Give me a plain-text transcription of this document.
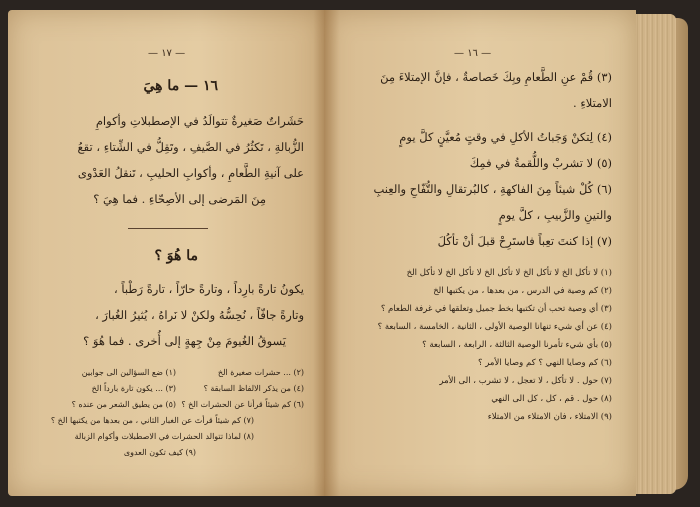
— ١٧ —
١٦ — ما هِيَ
حَشَراتٌ صَغيرةٌ تتوالَدُ في الإصطبلاتِ وأكوامِ
الزُّبالةِ ، تَكثُرُ في الصَّيفِ ، وتَقِلُّ في الشِّتاءِ ، تقعُ
على آنيةِ الطَّعامِ ، وأكوابِ الحليبِ ، تَنقلُ العَدْوى
مِنَ المَرضى إلى الأصِحّاءِ . فما هِيَ ؟
ما هُوَ ؟
يكونُ تارةً بارِداً ، وتارةً حارّاً ، تارةً رَطْباً ،
وتارةً جافّاً ، نُحِسُّهُ ولكنْ لا نَراهُ ، يُثيرُ الغُبارَ ،
يَسوقُ الغُيومَ مِنْ جِهةٍ إلى أُخرى . فما هُوَ ؟
(١) ضع السؤالين الى جوابين
(٣) ... يكون تارة بارداً الخ
(٥) من يطيق الشعر من عنده ؟
(٧) كم شيئاً قرأتَ عن الغبار الثاني ، من بعدها من يكتبها الخ ؟
(٨) لماذا تتوالد الحشرات في الاصطبلات وأكوام الزبالة
(٩) كيف تكون العدوى
(٢) ... حشرات صغيرة الخ
(٤) من يذكر الالفاظ السابقة ؟
(٦) كم شيئاً قرأنا عن الحشرات الخ ؟
— ١٦ —
(٣) قُمْ عنِ الطَّعامِ وبِكَ خَصاصةٌ ، فإنَّ الإمتلاءَ مِنَ
الامتلاءِ .
(٤) لِتكنْ وَجَباتُ الأكلِ في وقتٍ مُعيَّنٍ كلَّ يومٍ
(٥) لا تشربْ واللُّقمةُ في فمِكَ
(٦) كُلْ شيئاً مِنَ الفاكهةِ ، كالبُرتقالِ والتُّفّاحِ والعِنبِ
والتينِ والزَّبيبِ ، كلَّ يومٍ
(٧) إذا كنتَ تعِباً فاستَرِحْ قبلَ أنْ تأكُلَ
(١) لا تأكل الخ لا تأكل الخ لا تأكل الخ لا تأكل الخ لا تأكل الخ
(٢) كم وصية في الدرس ، من بعدها ، من يكتبها الخ
(٣) أي وصية تحب أن تكتبها بخط جميل وتعلقها في غرفة الطعام ؟
(٤) عن أي شيء تنهانا الوصية الأولى ، الثانية ، الخامسة ، السابعة ؟
(٥) بأي شيء تأمرنا الوصية الثالثة ، الرابعة ، السابعة ؟
(٦) كم وصايا النهي ؟ كم وصايا الأمر ؟
(٧) حول . لا تأكل ، لا تعجل ، لا تشرب ، الى الأمر
(٨) حول . قم ، كل ، كل الى النهي
(٩) الامتلاء ، فان الامتلاء من الامتلاء
